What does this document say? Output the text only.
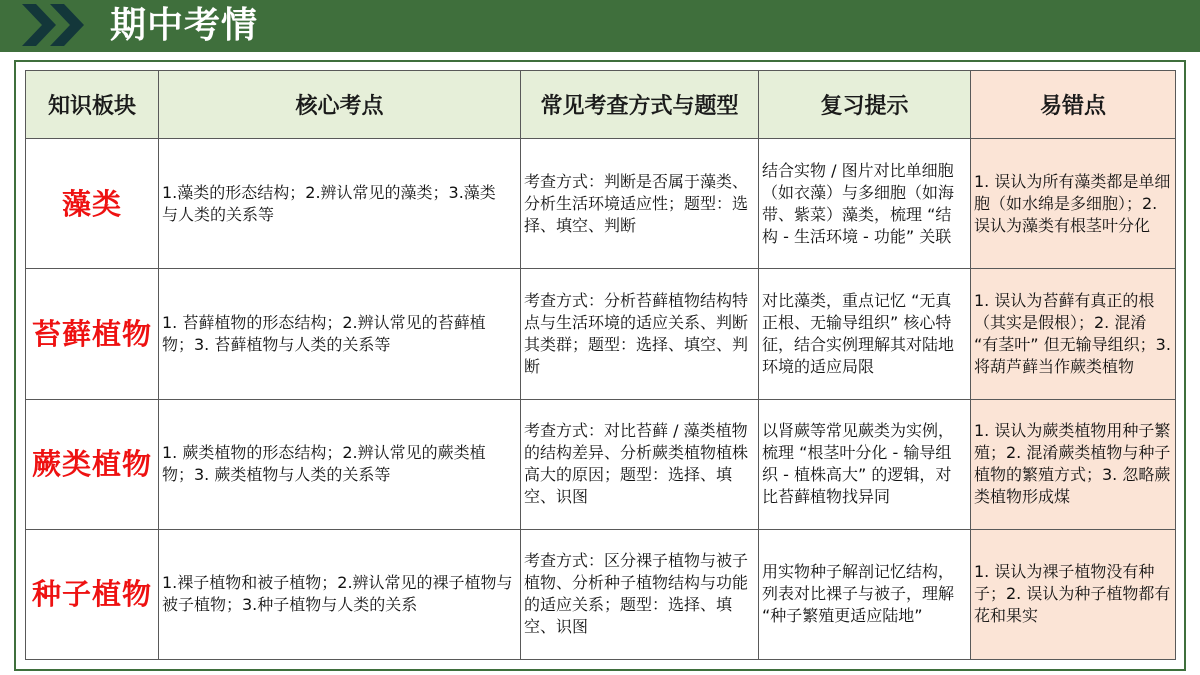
期中考情
知识板块	核心考点	常见考查方式与题型	复习提示	易错点
藻类	1.藻类的形态结构；2.辨认常见的藻类；3.藻类与人类的关系等	考查方式：判断是否属于藻类、分析生活环境适应性；题型：选择、填空、判断	结合实物 / 图片对比单细胞（如衣藻）与多细胞（如海带、紫菜）藻类，梳理 “结构 - 生活环境 - 功能” 关联	1. 误认为所有藻类都是单细胞（如水绵是多细胞）；2. 误认为藻类有根茎叶分化

苔藓植物	1. 苔藓植物的形态结构；2.辨认常见的苔藓植物；3. 苔藓植物与人类的关系等	考查方式：分析苔藓植物结构特点与生活环境的适应关系、判断其类群；题型：选择、填空、判断	对比藻类，重点记忆 “无真正根、无输导组织” 核心特征，结合实例理解其对陆地环境的适应局限	1. 误认为苔藓有真正的根（其实是假根）；2. 混淆 “有茎叶” 但无输导组织；3. 将葫芦藓当作蕨类植物

蕨类植物	1. 蕨类植物的形态结构；2.辨认常见的蕨类植物；3. 蕨类植物与人类的关系等	考查方式：对比苔藓 / 藻类植物的结构差异、分析蕨类植物植株高大的原因；题型：选择、填空、识图	以肾蕨等常见蕨类为实例，梳理 “根茎叶分化 - 输导组织 - 植株高大” 的逻辑，对比苔藓植物找异同	1. 误认为蕨类植物用种子繁殖；2. 混淆蕨类植物与种子植物的繁殖方式；3. 忽略蕨类植物形成煤

种子植物	1.裸子植物和被子植物；2.辨认常见的裸子植物与被子植物；3.种子植物与人类的关系	考查方式：区分裸子植物与被子植物、分析种子植物结构与功能的适应关系；题型：选择、填空、识图	用实物种子解剖记忆结构，列表对比裸子与被子，理解 “种子繁殖更适应陆地”	1. 误认为裸子植物没有种子；2. 误认为种子植物都有花和果实
